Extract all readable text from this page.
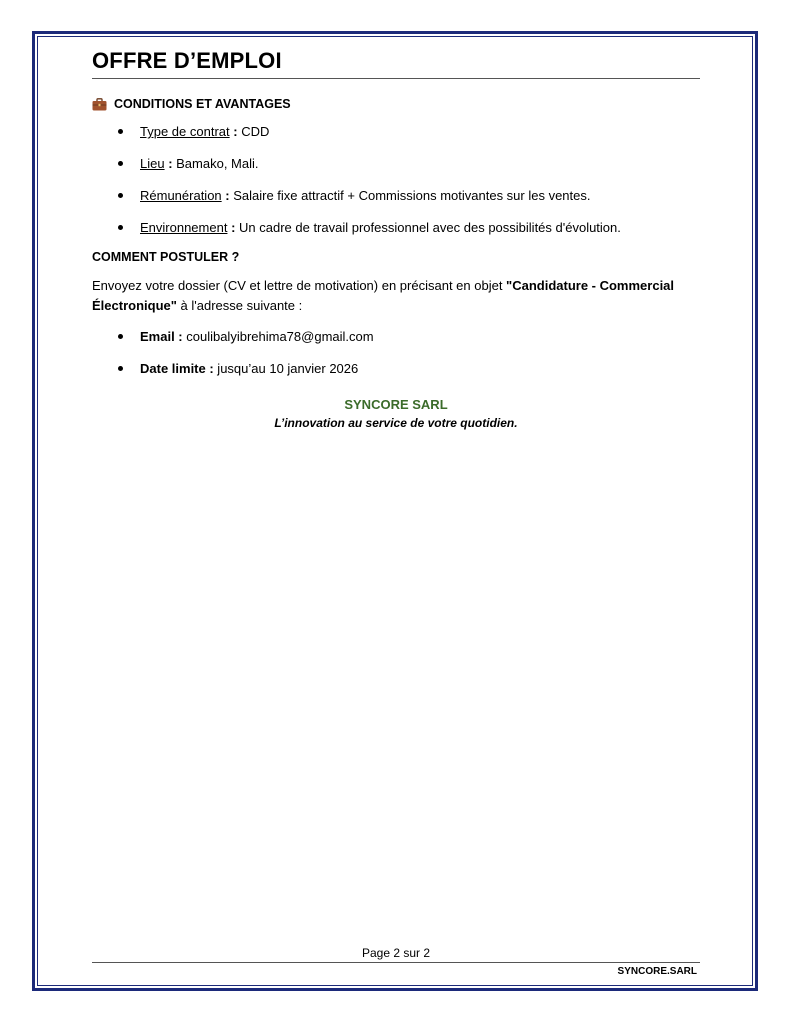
OFFRE D’EMPLOI
CONDITIONS ET AVANTAGES
Type de contrat : CDD
Lieu : Bamako, Mali.
Rémunération : Salaire fixe attractif + Commissions motivantes sur les ventes.
Environnement : Un cadre de travail professionnel avec des possibilités d'évolution.
COMMENT POSTULER ?
Envoyez votre dossier (CV et lettre de motivation) en précisant en objet "Candidature - Commercial Électronique" à l'adresse suivante :
Email : coulibalyibrehima78@gmail.com
Date limite : jusqu’au 10 janvier 2026
SYNCORE SARL
L’innovation au service de votre quotidien.
Page 2 sur 2
SYNCORE.SARL
